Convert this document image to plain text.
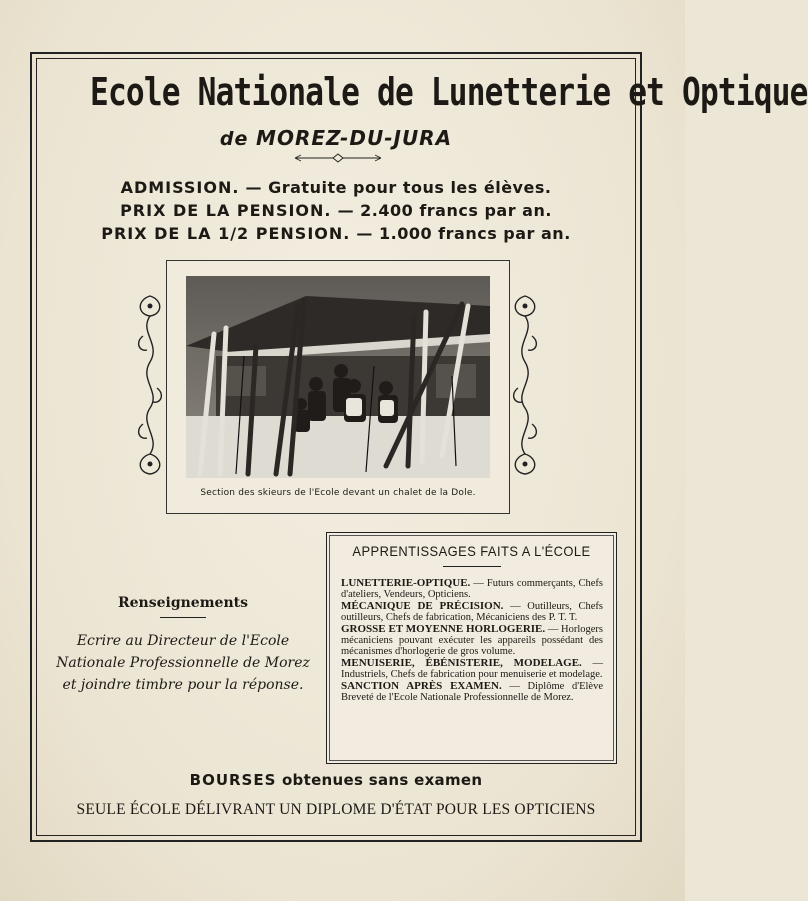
Ecole Nationale de Lunetterie et Optique
de MOREZ-DU-JURA
ADMISSION. — Gratuite pour tous les élèves.
PRIX DE LA PENSION. — 2.400 francs par an.
PRIX DE LA 1/2 PENSION. — 1.000 francs par an.
Section des skieurs de l'Ecole devant un chalet de la Dole.
Renseignements
Ecrire au Directeur de l'Ecole Nationale Professionnelle de Morez et joindre timbre pour la réponse.
APPRENTISSAGES FAITS A L'ÉCOLE
LUNETTERIE-OPTIQUE. — Futurs commerçants, Chefs d'ateliers, Vendeurs, Opticiens.
MÉCANIQUE DE PRÉCISION. — Outilleurs, Chefs outilleurs, Chefs de fabrication, Mécaniciens des P. T. T.
GROSSE ET MOYENNE HORLOGERIE. — Horlogers mécaniciens pouvant exécuter les appareils possédant des mécanismes d'horlogerie de gros volume.
MENUISERIE, ÉBÉNISTERIE, MODELAGE. — Industriels, Chefs de fabrication pour menuiserie et modelage.
SANCTION APRÈS EXAMEN. — Diplôme d'Elève Breveté de l'Ecole Nationale Professionnelle de Morez.
BOURSES obtenues sans examen
SEULE ÉCOLE DÉLIVRANT UN DIPLOME D'ÉTAT POUR LES OPTICIENS
